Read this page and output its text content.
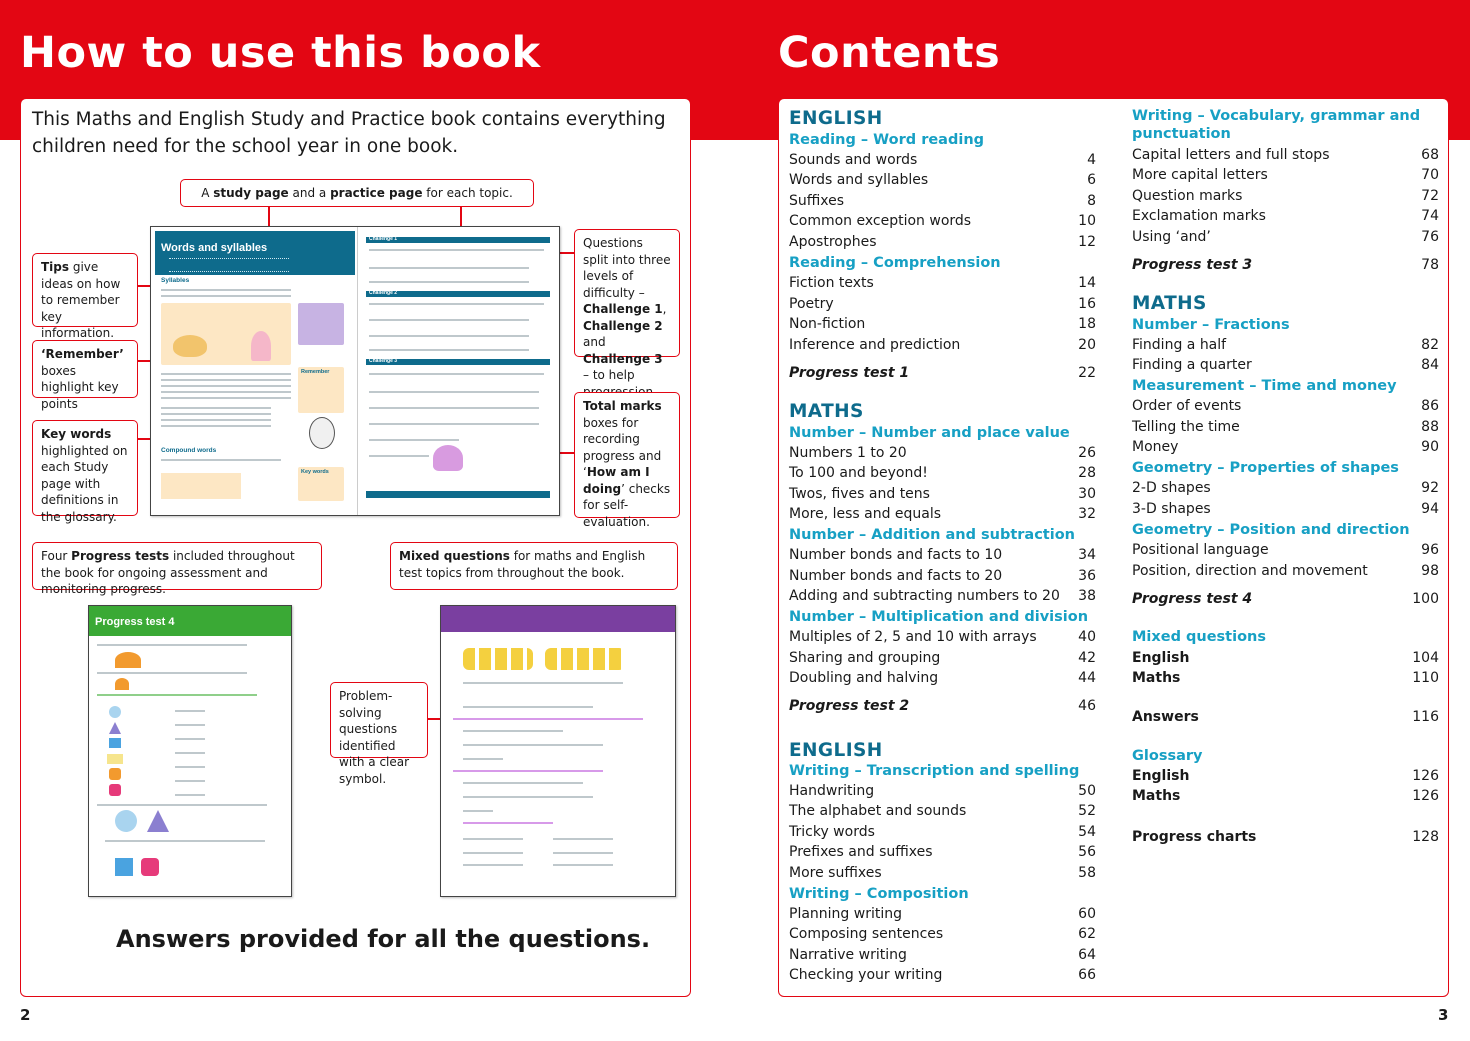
How to use this book	Contents
This Maths and English Study and Practice book contains everything children need for the school year in one book.
A study page and a practice page for each topic.
Tips give ideas on how to remember key information.
‘Remember’ boxes highlight key points
Key words highlighted on each Study page with definitions in the glossary.
Questions split into three levels of difficulty – Challenge 1, Challenge 2 and Challenge 3 – to help
Total marks boxes for recording progress and ‘How am I doing’ checks for self-evaluation.
Four Progress tests included throughout the book for ongoing assessment and monitoring progress.
Mixed questions for maths and English test topics from throughout the book.
Problem-solving questions identified with a clear symbol.
Words and syllables
Syllables
Remember
Compound words
Key words
Challenge 1
Challenge 2
Challenge 3
Progress test 4
Answers provided for all the questions.
2
ENGLISH
Reading – Word reading
Sounds and words	4
Words and syllables	6
Suffixes	8
Common exception words	10
Apostrophes	12
Reading – Comprehension
Fiction texts	14
Poetry	16
Non-fiction	18
Inference and prediction	20
Progress test 1	22
MATHS
Number – Number and place value
Numbers 1 to 20	26
To 100 and beyond!	28
Twos, fives and tens	30
More, less and equals	32
Number – Addition and subtraction
Number bonds and facts to 10	34
Number bonds and facts to 20	36
Adding and subtracting numbers to 20	38
Number – Multiplication and division
Multiples of 2, 5 and 10 with arrays	40
Sharing and grouping	42
Doubling and halving	44
Progress test 2	46
ENGLISH
Writing – Transcription and spelling
Handwriting	50
The alphabet and sounds	52
Tricky words	54
Prefixes and suffixes	56
More suffixes	58
Writing – Composition
Planning writing	60
Composing sentences	62
Narrative writing	64
Checking your writing	66
Writing – Vocabulary, grammar and
punctuation
Capital letters and full stops	68
More capital letters	70
Question marks	72
Exclamation marks	74
Using ‘and’	76
Progress test 3	78
MATHS
Number – Fractions
Finding a half	82
Finding a quarter	84
Measurement – Time and money
Order of events	86
Telling the time	88
Money	90
Geometry – Properties of shapes
2-D shapes	92
3-D shapes	94
Geometry – Position and direction
Positional language	96
Position, direction and movement	98
Progress test 4	100
Mixed questions
English	104
Maths	110
Answers	116
Glossary
English	126
Maths	126
Progress charts	128
3
